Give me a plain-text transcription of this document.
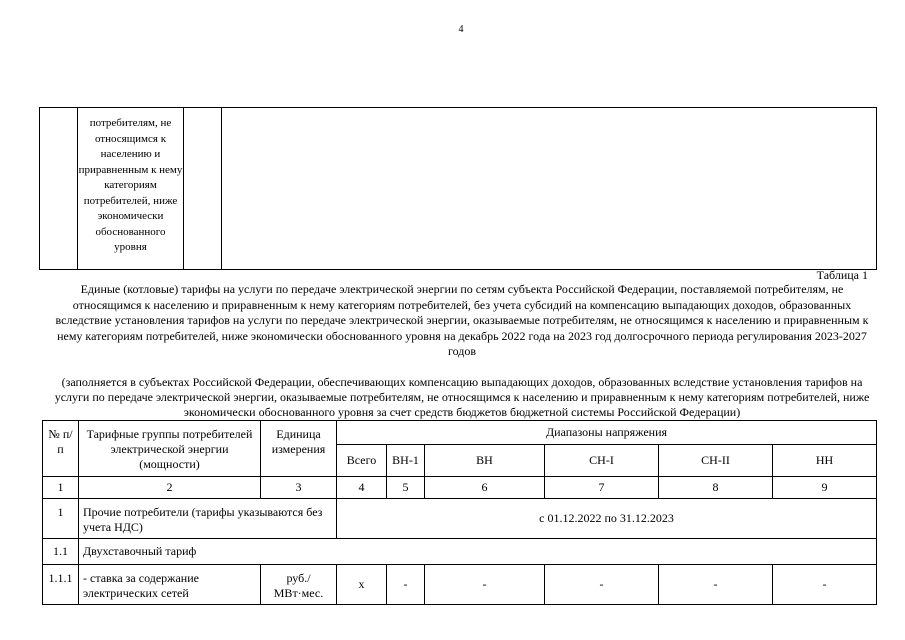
4

потребителям, не относящимся к населению и приравненным к нему категориям потребителей, ниже экономически обоснованного уровня

Таблица 1
Единые (котловые) тарифы на услуги по передаче электрической энергии по сетям субъекта Российской Федерации, поставляемой потребителям, не относящимся к населению и приравненным к нему категориям потребителей, без учета субсидий на компенсацию выпадающих доходов, образованных вследствие установления тарифов на услуги по передаче электрической энергии, оказываемые потребителям, не относящимся к населению и приравненным к нему категориям потребителей, ниже экономически обоснованного уровня на декабрь 2022 года на 2023 год долгосрочного периода регулирования 2023-2027 годов
(заполняется в субъектах Российской Федерации, обеспечивающих компенсацию выпадающих доходов, образованных вследствие установления тарифов на услуги по передаче электрической энергии, оказываемые потребителям, не относящимся к населению и приравненным к нему категориям потребителей, ниже экономически обоснованного уровня за счет средств бюджетов бюджетной системы Российской Федерации)
№ п/п	Тарифные группы потребителей электрической энергии (мощности)	Единица измерения	Диапазоны напряжения					
			Всего	ВН-1	ВН	СН-I	СН-II	НН
1	2	3	4	5	6	7	8	9
1	Прочие потребители (тарифы указываются без учета НДС)		с 01.12.2022 по 31.12.2023					
1.1	Двухставочный тариф							
1.1.1	- ставка за содержание электрических сетей	руб./МВт·мес.	х	-	-	-	-	-
